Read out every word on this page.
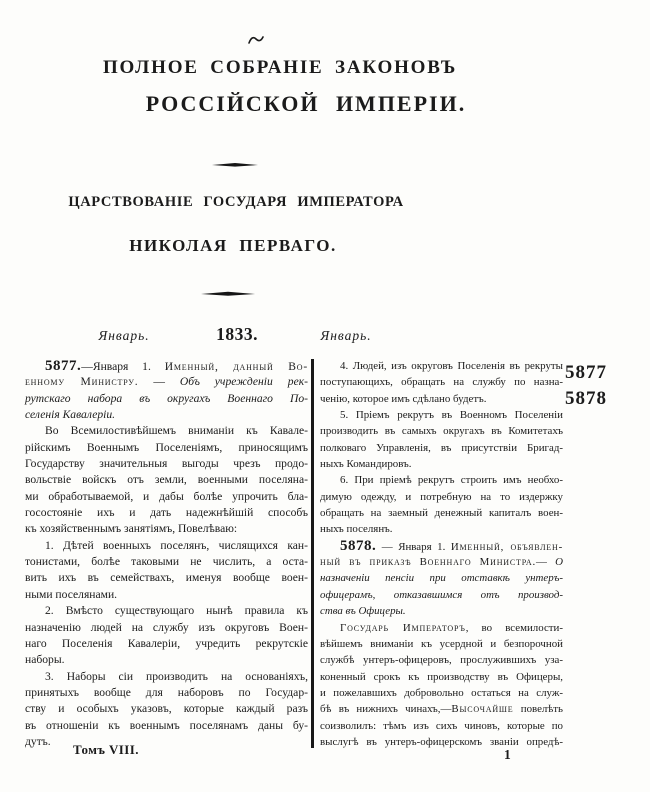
ПОЛНОЕ СОБРАНІЕ ЗАКОНОВЪ
РОССІЙСКОЙ ИМПЕРІИ.
ЦАРСТВОВАНІЕ ГОСУДАРЯ ИМПЕРАТОРА
НИКОЛАЯ ПЕРВАГО.
Январь.	1833.	Январь.
5877.—Января 1. Именный, данный Во-
енному Министру. — Объ учрежденіи рек-
рутскаго набора въ округахъ Военнаго По-
селенія Кавалеріи.
Во Всемилостивѣйшемъ вниманіи къ Кавале-
рійскимъ Военнымъ Поселеніямъ, приносящимъ
Государству значительныя выгоды чрезъ продо-
вольствіе войскъ отъ земли, военными поселяна-
ми обработываемой, и дабы болѣе упрочить бла-
госостояніе ихъ и дать надежнѣйшій способъ
къ хозяйственнымъ занятіямъ, Повелѣваю:
1. Дѣтей военныхъ поселянъ, числящихся кан-
тонистами, болѣе таковыми не числить, а оста-
вить ихъ въ семействахъ, именуя вообще воен-
ными поселянами.
2. Вмѣсто существующаго нынѣ правила къ
назначенію людей на службу изъ округовъ Воен-
наго Поселенія Кавалеріи, учредить рекрутскіе
наборы.
3. Наборы сіи производить на основаніяхъ,
принятыхъ вообще для наборовъ по Государ-
ству и особыхъ указовъ, которые каждый разъ
въ отношеніи къ военнымъ поселянамъ даны бу-
дутъ.
4. Людей, изъ округовъ Поселенія въ рекруты
поступающихъ, обращать на службу по назна-
ченію, которое имъ сдѣлано будетъ.
5. Пріемъ рекрутъ въ Военномъ Поселеніи
производить въ самыхъ округахъ въ Комитетахъ
полковаго Управленія, въ присутствіи Бригад-
ныхъ Командировъ.
6. При пріемѣ рекрутъ строить имъ необхо-
димую одежду, и потребную на то издержку
обращать на заемный денежный капиталъ воен-
ныхъ поселянъ.
5878. — Января 1. Именный, объявлен-
ный въ приказѣ Военнаго Министра.— О
назначеніи пенсіи при отставкѣ унтеръ-
офицерамъ, отказавшимся отъ производ-
ства въ Офицеры.
Государь Императоръ, во всемилости-
вѣйшемъ вниманіи къ усердной и безпорочной
службѣ унтеръ-офицеровъ, прослужившихъ уза-
коненный срокъ къ производству въ Офицеры,
и пожелавшихъ добровольно остаться на служ-
бѣ въ нижнихъ чинахъ,—Высочайше повелѣть
соизволилъ: тѣмъ изъ сихъ чиновъ, которые по
выслугѣ въ унтеръ-офицерскомъ званіи опредѣ-
5877
5878
Томъ VIII.	1
